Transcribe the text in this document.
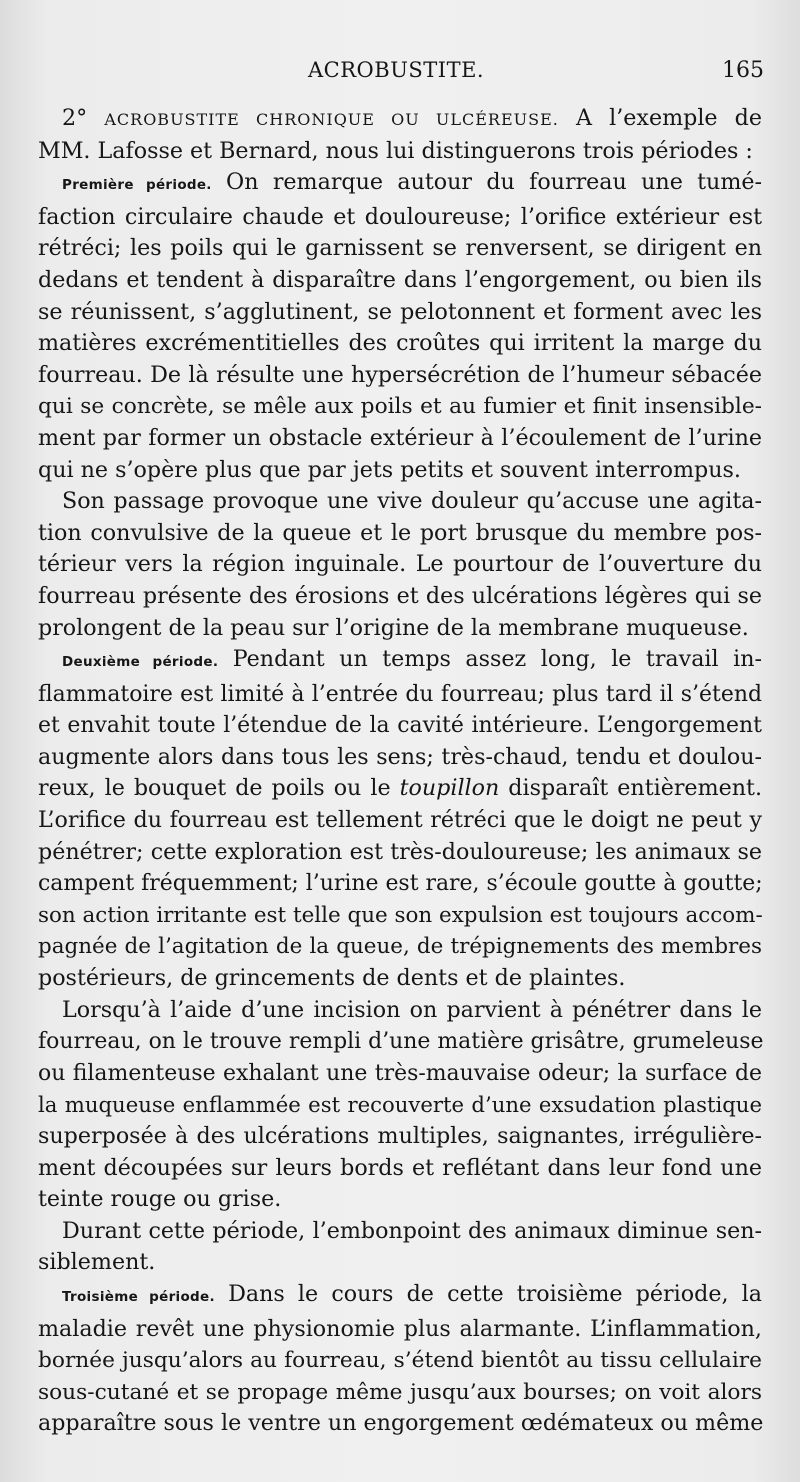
ACROBUSTITE.	165
2° ACROBUSTITE CHRONIQUE OU ULCÉREUSE. A l’exemple de
MM. Lafosse et Bernard, nous lui distinguerons trois périodes :
Première période. On remarque autour du fourreau une tumé-
faction circulaire chaude et douloureuse; l’orifice extérieur est
rétréci; les poils qui le garnissent se renversent, se dirigent en
dedans et tendent à disparaître dans l’engorgement, ou bien ils
se réunissent, s’agglutinent, se pelotonnent et forment avec les
matières excrémentitielles des croûtes qui irritent la marge du
fourreau. De là résulte une hypersécrétion de l’humeur sébacée
qui se concrète, se mêle aux poils et au fumier et finit insensible-
ment par former un obstacle extérieur à l’écoulement de l’urine
qui ne s’opère plus que par jets petits et souvent interrompus.
Son passage provoque une vive douleur qu’accuse une agita-
tion convulsive de la queue et le port brusque du membre pos-
térieur vers la région inguinale. Le pourtour de l’ouverture du
fourreau présente des érosions et des ulcérations légères qui se
prolongent de la peau sur l’origine de la membrane muqueuse.
Deuxième période. Pendant un temps assez long, le travail in-
flammatoire est limité à l’entrée du fourreau; plus tard il s’étend
et envahit toute l’étendue de la cavité intérieure. L’engorgement
augmente alors dans tous les sens; très-chaud, tendu et doulou-
reux, le bouquet de poils ou le toupillon disparaît entièrement.
L’orifice du fourreau est tellement rétréci que le doigt ne peut y
pénétrer; cette exploration est très-douloureuse; les animaux se
campent fréquemment; l’urine est rare, s’écoule goutte à goutte;
son action irritante est telle que son expulsion est toujours accom-
pagnée de l’agitation de la queue, de trépignements des membres
postérieurs, de grincements de dents et de plaintes.
Lorsqu’à l’aide d’une incision on parvient à pénétrer dans le
fourreau, on le trouve rempli d’une matière grisâtre, grumeleuse
ou filamenteuse exhalant une très-mauvaise odeur; la surface de
la muqueuse enflammée est recouverte d’une exsudation plastique
superposée à des ulcérations multiples, saignantes, irrégulière-
ment découpées sur leurs bords et reflétant dans leur fond une
teinte rouge ou grise.
Durant cette période, l’embonpoint des animaux diminue sen-
siblement.
Troisième période. Dans le cours de cette troisième période, la
maladie revêt une physionomie plus alarmante. L’inflammation,
bornée jusqu’alors au fourreau, s’étend bientôt au tissu cellulaire
sous-cutané et se propage même jusqu’aux bourses; on voit alors
apparaître sous le ventre un engorgement œdémateux ou même
